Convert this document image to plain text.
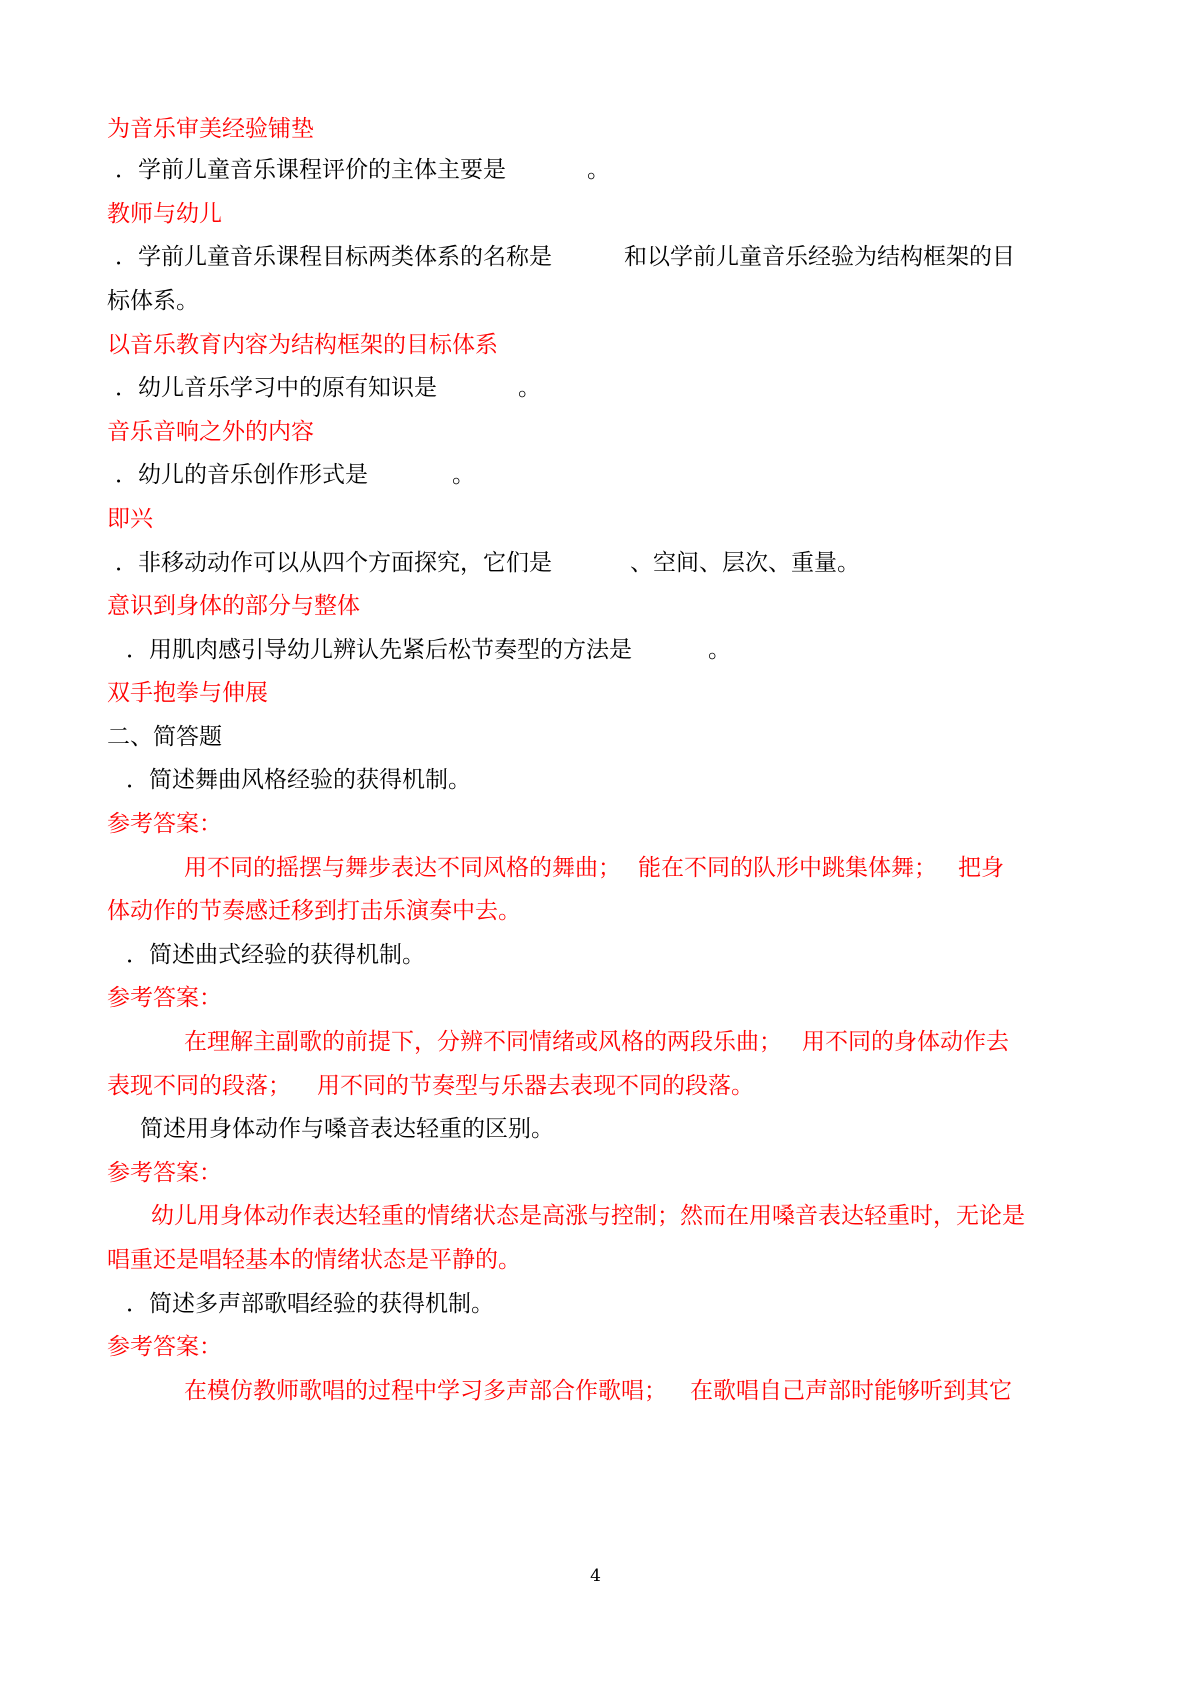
为音乐审美经验铺垫
．学前儿童音乐课程评价的主体主要是	。
教师与幼儿
．学前儿童音乐课程目标两类体系的名称是	和以学前儿童音乐经验为结构框架的目
标体系。
以音乐教育内容为结构框架的目标体系
．幼儿音乐学习中的原有知识是	。
音乐音响之外的内容
．幼儿的音乐创作形式是	。
即兴
．非移动动作可以从四个方面探究，它们是	、空间、层次、重量。
意识到身体的部分与整体
．用肌肉感引导幼儿辨认先紧后松节奏型的方法是	。
双手抱拳与伸展
二、简答题
．简述舞曲风格经验的获得机制。
参考答案：
用不同的摇摆与舞步表达不同风格的舞曲； 能在不同的队形中跳集体舞； 把身
体动作的节奏感迁移到打击乐演奏中去。
．简述曲式经验的获得机制。
参考答案：
在理解主副歌的前提下，分辨不同情绪或风格的两段乐曲； 用不同的身体动作去
表现不同的段落； 用不同的节奏型与乐器去表现不同的段落。
简述用身体动作与嗓音表达轻重的区别。
参考答案：
幼儿用身体动作表达轻重的情绪状态是高涨与控制；然而在用嗓音表达轻重时，无论是
唱重还是唱轻基本的情绪状态是平静的。
．简述多声部歌唱经验的获得机制。
参考答案：
在模仿教师歌唱的过程中学习多声部合作歌唱； 在歌唱自己声部时能够听到其它
4
